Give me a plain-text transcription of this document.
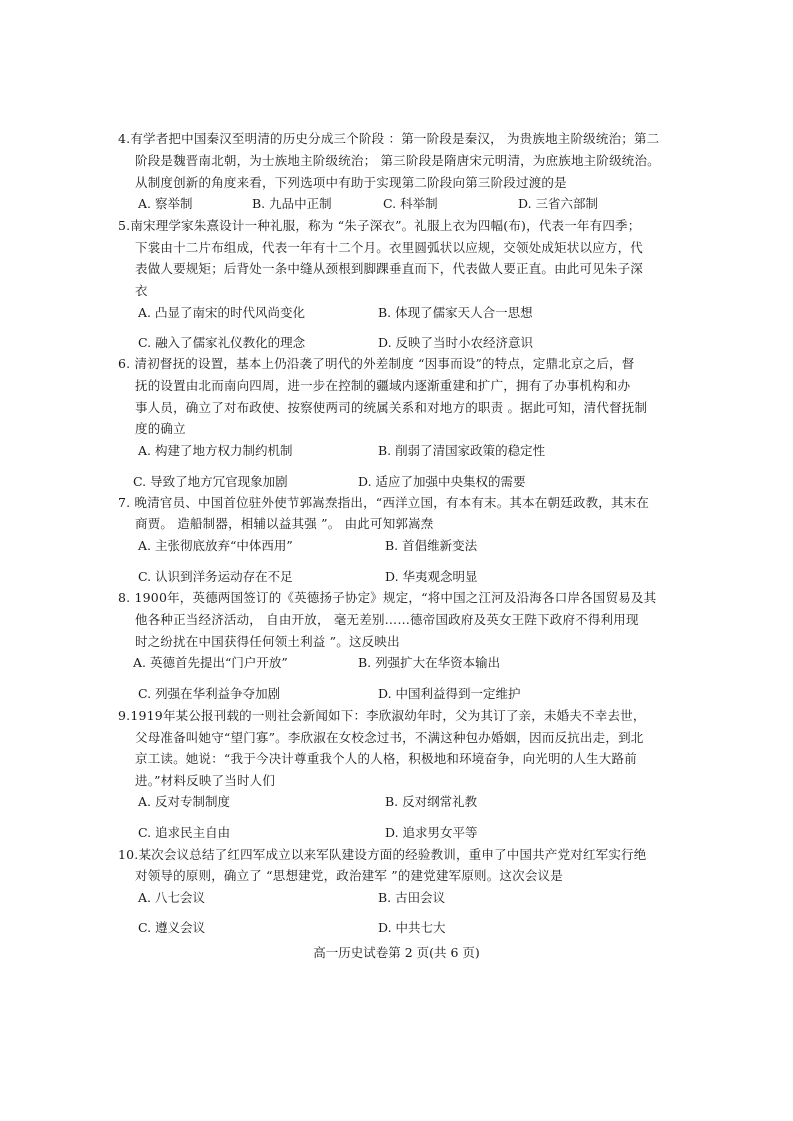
4.有学者把中国秦汉至明清的历史分成三个阶段 ：第一阶段是秦汉， 为贵族地主阶级统治；第二
阶段是魏晋南北朝，为士族地主阶级统治； 第三阶段是隋唐宋元明清，为庶族地主阶级统治。
从制度创新的角度来看，下列选项中有助于实现第二阶段向第三阶段过渡的是
A. 察举制	B. 九品中正制	C. 科举制	D. 三省六部制
5.南宋理学家朱熹设计一种礼服，称为 “朱子深衣”。礼服上衣为四幅(布)，代表一年有四季；
下裳由十二片布组成，代表一年有十二个月。衣里圆弧状以应规，交领处成矩状以应方，代
表做人要规矩；后背处一条中缝从颈根到脚踝垂直而下，代表做人要正直。由此可见朱子深
衣
A. 凸显了南宋的时代风尚变化	B. 体现了儒家天人合一思想
C. 融入了儒家礼仪教化的理念	D. 反映了当时小农经济意识
6. 清初督抚的设置，基本上仍沿袭了明代的外差制度 “因事而设”的特点，定鼎北京之后，督
抚的设置由北而南向四周，进一步在控制的疆域内逐渐重建和扩广，拥有了办事机构和办
事人员，确立了对布政使、按察使两司的统属关系和对地方的职责 。据此可知，清代督抚制
度的确立
A. 构建了地方权力制约机制	B. 削弱了清国家政策的稳定性
C. 导致了地方冗官现象加剧	D. 适应了加强中央集权的需要
7. 晚清官员、中国首位驻外使节郭嵩焘指出，“西洋立国，有本有末。其本在朝廷政教，其末在
商贾。 造船制器，相辅以益其强 ”。 由此可知郭嵩焘
A. 主张彻底放弃“中体西用”	B. 首倡维新变法
C. 认识到洋务运动存在不足	D. 华夷观念明显
8. 1900年，英德两国签订的《英德扬子协定》规定，“将中国之江河及沿海各口岸各国贸易及其
他各种正当经济活动， 自由开放， 毫无差别……德帝国政府及英女王陛下政府不得利用现
时之纷扰在中国获得任何领土利益 ”。这反映出
A. 英德首先提出“门户开放”	B. 列强扩大在华资本输出
C. 列强在华利益争夺加剧	D. 中国利益得到一定维护
9.1919年某公报刊载的一则社会新闻如下：李欣淑幼年时，父为其订了亲，未婚夫不幸去世，
父母准备叫她守“望门寡”。李欣淑在女校念过书，不满这种包办婚姻，因而反抗出走，到北
京工读。她说：“我于今决计尊重我个人的人格，积极地和环境奋争，向光明的人生大路前
进。”材料反映了当时人们
A. 反对专制制度	B. 反对纲常礼教
C. 追求民主自由	D. 追求男女平等
10.某次会议总结了红四军成立以来军队建设方面的经验教训，重申了中国共产党对红军实行绝
对领导的原则，确立了 “思想建党，政治建军 ”的建党建军原则。这次会议是
A. 八七会议	B. 古田会议
C. 遵义会议	D. 中共七大
高一历史试卷第 2 页(共 6 页)
